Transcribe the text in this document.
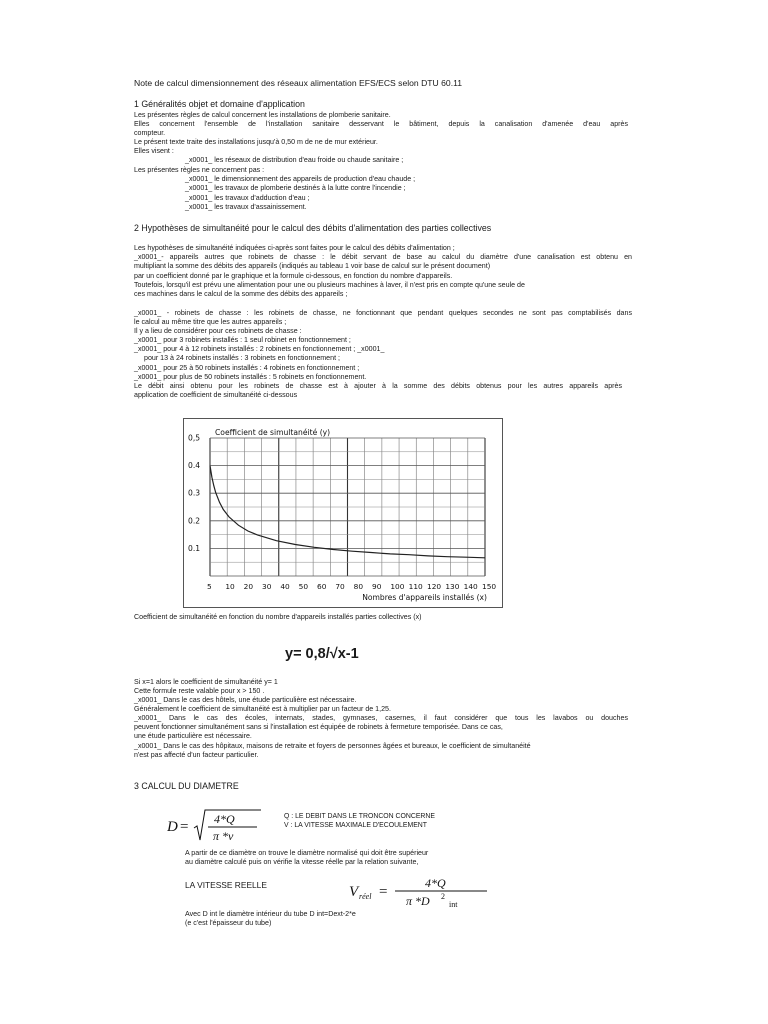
Note de calcul dimensionnement des réseaux alimentation EFS/ECS selon DTU 60.11
1 Généralités objet et domaine d'application
Les présentes règles de calcul concernent les installations de plomberie sanitaire.
Elles concernent l'ensemble de l'installation sanitaire desservant le bâtiment, depuis la canalisation d'amenée d'eau après
compteur.
Le présent texte traite des installations jusqu'à 0,50 m de ne de mur extérieur.
Elles visent :
_x0001_ les réseaux de distribution d'eau froide ou chaude sanitaire ;
Les présentes règles ne concernent pas :
_x0001_ le dimensionnement des appareils de production d'eau chaude ;
_x0001_ les travaux de plomberie destinés à la lutte contre l'incendie ;
_x0001_ les travaux d'adduction d'eau ;
_x0001_ les travaux d'assainissement.
2 Hypothèses de simultanéité pour le calcul des débits d'alimentation des parties collectives
Les hypothèses de simultanéité indiquées ci-après sont faites pour le calcul des débits d'alimentation ;
_x0001_- appareils autres que robinets de chasse : le débit servant de base au calcul du diamètre d'une canalisation est obtenu en
multipliant la somme des débits des appareils (indiqués au tableau 1 voir base de calcul sur le présent document)
par un coefficient donné par le graphique et la formule ci-dessous, en fonction du nombre d'appareils.
Toutefois, lorsqu'il est prévu une alimentation pour une ou plusieurs machines à laver, il n'est pris en compte qu'une seule de
ces machines dans le calcul de la somme des débits des appareils ;
_x0001_ - robinets de chasse : les robinets de chasse, ne fonctionnant que pendant quelques secondes ne sont pas comptabilisés dans
le calcul au même titre que les autres appareils ;
Il y a lieu de considérer pour ces robinets de chasse :
_x0001_ pour 3 robinets installés : 1 seul robinet en fonctionnement ;
_x0001_ pour 4 à 12 robinets installés : 2 robinets en fonctionnement ; _x0001_
pour 13 à 24 robinets installés : 3 robinets en fonctionnement ;
_x0001_ pour 25 à 50 robinets installés : 4 robinets en fonctionnement ;
_x0001_ pour plus de 50 robinets installés : 5 robinets en fonctionnement.
Le débit ainsi obtenu pour les robinets de chasse est à ajouter à la somme des débits obtenus pour les autres appareils après
application de coefficient de simultanéité ci-dessous
0,5
0.4
0.3
0.2
0.1
5 10 20 30 40 50 60 70 80 90 100 110 120 130 140 150
Coefficient de simultanéité (y)
Nombres d'appareils installés (x)
Coefficient de simultanéité en fonction du nombre d'appareils installés parties collectives (x)
y= 0,8/√x-1
Si x=1 alors le coefficient de simultanéité y= 1
Cette formule reste valable pour x > 150 .
_x0001_ Dans le cas des hôtels, une étude particulière est nécessaire.
Généralement le coefficient de simultanéité est à multiplier par un facteur de 1,25.
_x0001_ Dans le cas des écoles, internats, stades, gymnases, casernes, il faut considérer que tous les lavabos ou douches
peuvent fonctionner simultanément sans si l'installation est équipée de robinets à fermeture temporisée. Dans ce cas,
une étude particulière est nécessaire.
_x0001_ Dans le cas des hôpitaux, maisons de retraite et foyers de personnes âgées et bureaux, le coefficient de simultanéité
n'est pas affecté d'un facteur particulier.
3 CALCUL DU DIAMETRE
D = 4*Q
π *v
Q : LE DEBIT DANS LE TRONCON CONCERNE
V : LA VITESSE MAXIMALE D'ECOULEMENT
A partir de ce diamètre on trouve le diamètre normalisé qui doit être supérieur
au diamètre calculé puis on vérifie la vitesse réelle par la relation suivante,
LA VITESSE REELLE	V réel =
4*Q
π *D 2
int
Avec D int le diamètre intérieur du tube D int=Dext-2*e
(e c'est l'épaisseur du tube)
